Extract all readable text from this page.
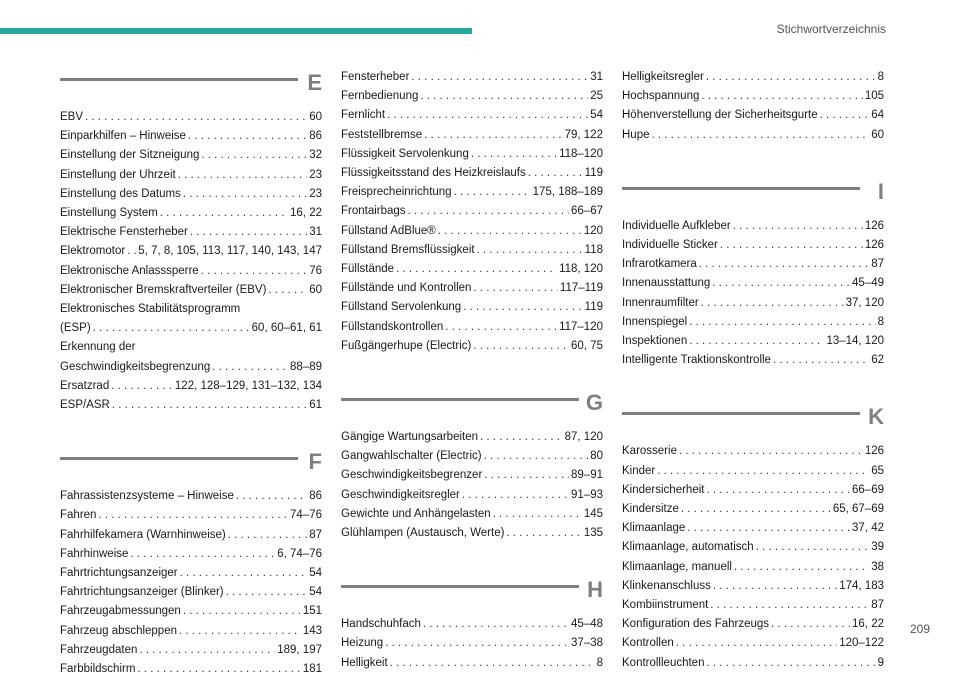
Stichwortverzeichnis
E
EBV . . .	60
Einparkhilfen – Hinweise . . .	86
Einstellung der Sitzneigung . . .	32
Einstellung der Uhrzeit . . .	23
Einstellung des Datums . . .	23
Einstellung System . . .	16, 22
Elektrische Fensterheber . . .	31
Elektromotor . . . 5, 7, 8, 105, 113, 117, 140, 143, 147
Elektronische Anlasssperre . . .	76
Elektronischer Bremskraftverteiler (EBV) . . .	60
Elektronisches Stabilitätsprogramm
(ESP) . . .	60, 60–61, 61
Erkennung der
Geschwindigkeitsbegrenzung . . .	88–89
Ersatzrad . . .	122, 128–129, 131–132, 134
ESP/ASR . . .	61
F
Fahrassistenzsysteme – Hinweise . . .	86
Fahren . . .	74–76
Fahrhilfekamera (Warnhinweise) . . .	87
Fahrhinweise . . .	6, 74–76
Fahrtrichtungsanzeiger . . .	54
Fahrtrichtungsanzeiger (Blinker) . . .	54
Fahrzeugabmessungen . . .	151
Fahrzeug abschleppen . . .	143
Fahrzeugdaten . . .	189, 197
Farbbildschirm . . .	181
Fensterheber . . .	31
Fernbedienung . . .	25
Fernlicht . . .	54
Feststellbremse . . .	79, 122
Flüssigkeit Servolenkung . . .	118–120
Flüssigkeitsstand des Heizkreislaufs . . .	119
Freisprecheinrichtung . . .	175, 188–189
Frontairbags . . .	66–67
Füllstand AdBlue® . . .	120
Füllstand Bremsflüssigkeit . . .	118
Füllstände . . .	118, 120
Füllstände und Kontrollen . . .	117–119
Füllstand Servolenkung . . .	119
Füllstandskontrollen . . .	117–120
Fußgängerhupe (Electric) . . .	60, 75
G
Gängige Wartungsarbeiten . . .	87, 120
Gangwahlschalter (Electric) . . .	80
Geschwindigkeitsbegrenzer . . .	89–91
Geschwindigkeitsregler . . .	91–93
Gewichte und Anhängelasten . . .	145
Glühlampen (Austausch, Werte) . . .	135
H
Handschuhfach . . .	45–48
Heizung . . .	37–38
Helligkeit . . .	8
Helligkeitsregler . . .	8
Hochspannung . . .	105
Höhenverstellung der Sicherheitsgurte . . .	64
Hupe . . .	60
I
Individuelle Aufkleber . . .	126
Individuelle Sticker . . .	126
Infrarotkamera . . .	87
Innenausstattung . . .	45–49
Innenraumfilter . . .	37, 120
Innenspiegel . . .	8
Inspektionen . . .	13–14, 120
Intelligente Traktionskontrolle . . .	62
K
Karosserie . . .	126
Kinder . . .	65
Kindersicherheit . . .	66–69
Kindersitze . . .	65, 67–69
Klimaanlage . . .	37, 42
Klimaanlage, automatisch . . .	39
Klimaanlage, manuell . . .	38
Klinkenanschluss . . .	174, 183
Kombiinstrument . . .	87
Konfiguration des Fahrzeugs . . .	16, 22
Kontrollen . . .	120–122
Kontrollleuchten . . .	9
209
